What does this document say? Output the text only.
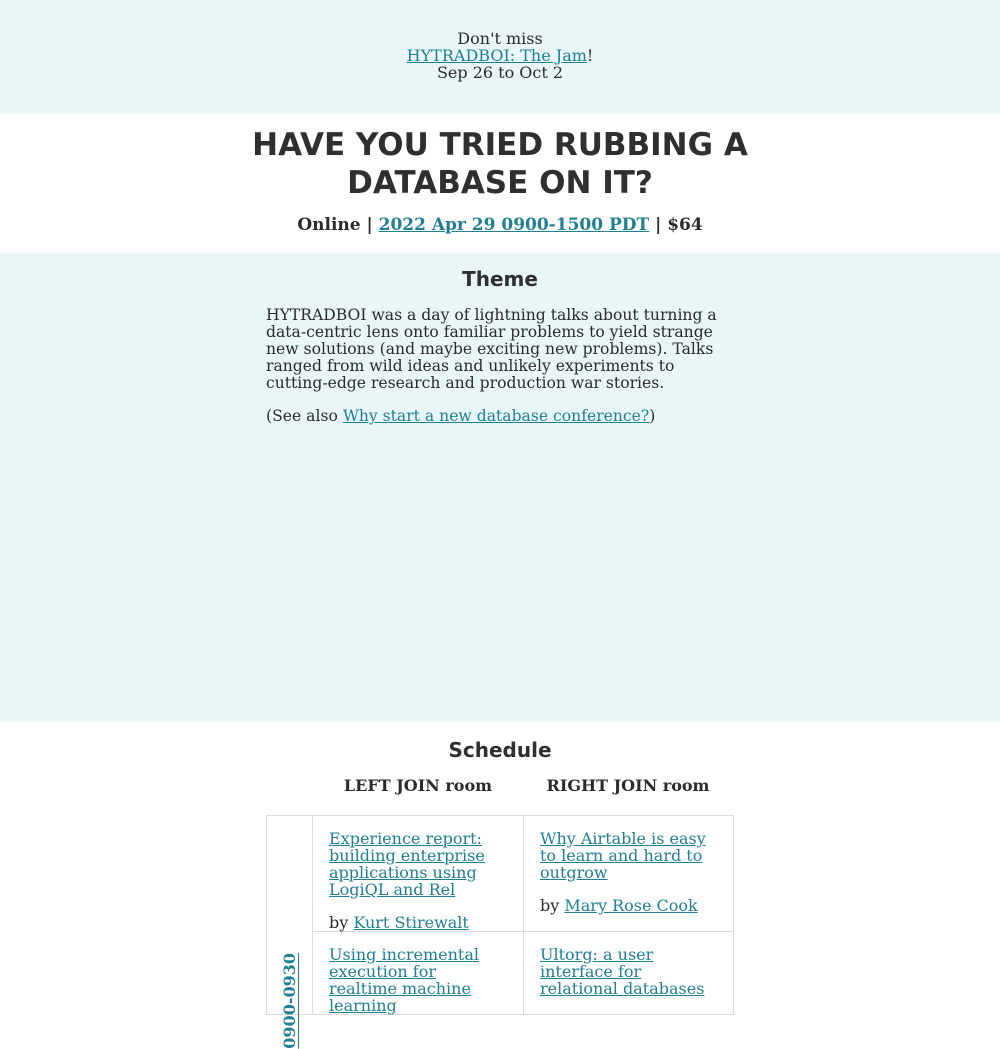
Don't miss
HYTRADBOI: The Jam!
Sep 26 to Oct 2
HAVE YOU TRIED RUBBING A DATABASE ON IT?
Online | 2022 Apr 29 0900-1500 PDT | $64
Theme

HYTRADBOI was a day of lightning talks about turning a data-centric lens onto familiar problems to yield strange new solutions (and maybe exciting new problems). Talks ranged from wild ideas and unlikely experiments to cutting-edge research and production war stories.

(See also Why start a new database conference?)

Schedule
LEFT JOIN room	RIGHT JOIN room
0900-0930
Experience report: building enterprise applications using LogiQL and Rel
by Kurt Stirewalt
Why Airtable is easy to learn and hard to outgrow
by Mary Rose Cook
Using incremental execution for realtime machine learning
Ultorg: a user interface for relational databases
